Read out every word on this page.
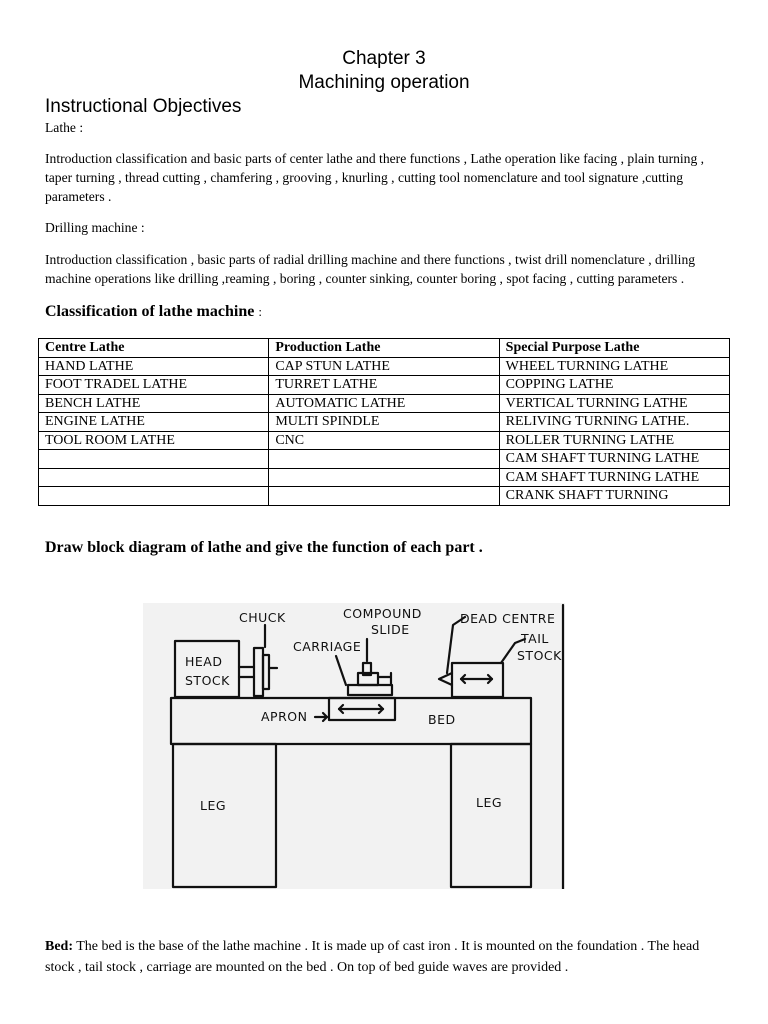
Chapter 3
Machining operation
Instructional Objectives
Lathe :
Introduction classification and basic parts of center lathe and there functions , Lathe operation like facing , plain turning , taper turning , thread cutting , chamfering , grooving , knurling , cutting tool nomenclature and tool signature ,cutting parameters .
Drilling machine :
Introduction classification , basic parts of radial drilling machine and there functions , twist drill nomenclature , drilling machine operations like drilling ,reaming , boring , counter sinking, counter boring , spot facing , cutting parameters .
Classification of lathe machine :
Centre Lathe	Production Lathe	Special Purpose Lathe
HAND LATHE	CAP STUN LATHE	WHEEL TURNING LATHE
FOOT TRADEL LATHE	TURRET LATHE	COPPING LATHE
BENCH LATHE	AUTOMATIC LATHE	VERTICAL TURNING LATHE
ENGINE LATHE	MULTI SPINDLE	RELIVING TURNING LATHE.
TOOL ROOM LATHE	CNC	ROLLER TURNING LATHE
		CAM SHAFT TURNING LATHE
		CAM SHAFT TURNING LATHE
		CRANK SHAFT TURNING
Draw block diagram of lathe and give the function of each part .
CHUCK	COMPOUND
SLIDE
DEAD CENTRE
TAIL
STOCK
CARRIAGE
HEAD
STOCK
APRON	BED
LEG	LEG
Bed: The bed is the base of the lathe machine . It is made up of cast iron . It is mounted on the foundation . The head stock , tail stock , carriage are mounted on the bed . On top of bed guide waves are provided .
